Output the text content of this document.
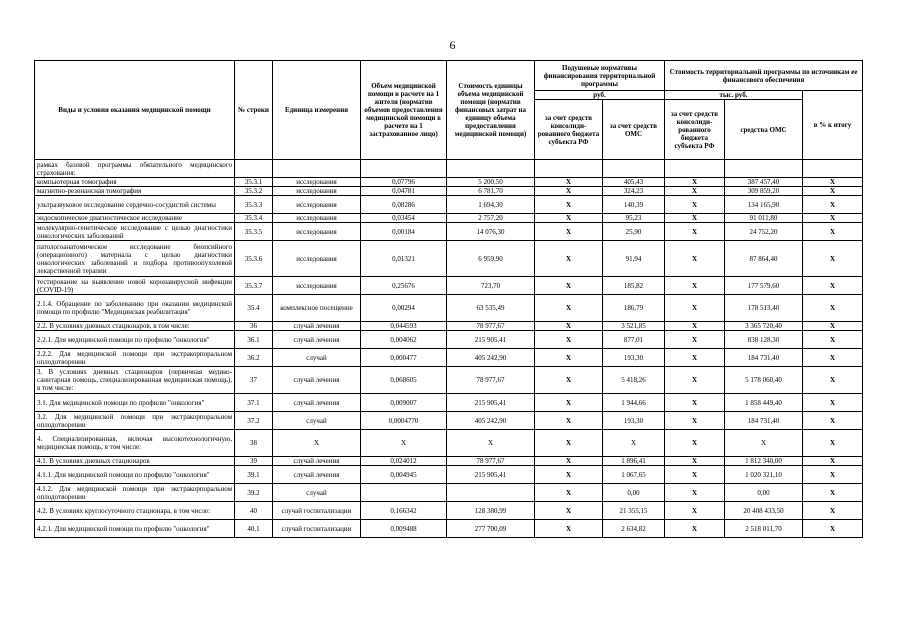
6
Виды и условия оказания медицинской помощи	№ строки	Единица измерения	Объем медицинской помощи в расчете на 1 жителя (норматив объемов предоставления медицинской помощи в расчете на 1 застрахованное лицо)	Стоимость единицы объема медицинской помощи (норматив финансовых затрат на единицу объема предоставления медицинской помощи)	Подушевые нормативы финансирования территориальной программы		Стоимость территориальной программы по источникам ее финансового обеспечения		
					руб.		тыс. руб.		в % к итогу
					за счет средств консолиди-рованного бюджета субъекта РФ	за счет средств ОМС	за счет средств консолиди-рованного бюджета субъекта РФ	средства ОМС	
рамках базовой программы обязательного медицинского страхования:									
компьютерная томография	35.3.1	исследования	0,07796	5 200,50	X	405,43	X	387 457,40	X
магнитно-резонансная томография	35.3.2	исследования	0,04781	6 781,70	X	324,23	X	309 859,20	X
ультразвуковое исследование сердечно-сосудистой системы	35.3.3	исследования	0,08286	1 694,30	X	140,39	X	134 165,90	X
эндоскопическое диагностическое исследование	35.3.4	исследования	0,03454	2 757,20	X	95,23	X	91 011,80	X
молекулярно-генетическое исследование с целью диагностики онкологических заболеваний	35.3.5	исследования	0,00184	14 076,30	X	25,90	X	24 752,20	X
патологоанатомическое исследование биопсийного (операционного) материала с целью диагностики онкологических заболеваний и подбора противоопухолевой лекарственной терапии	35.3.6	исследования	0,01321	6 959,90	X	91,94	X	87 864,40	X
тестирование на выявление новой коронавирусной инфекции (COVID-19)	35.3.7	исследования	0,25676	723,70	X	185,82	X	177 579,60	X
2.1.4. Обращение по заболеванию при оказании медицинской помощи по профилю "Медицинская реабилитация"	35.4	комплексное посещение	0,00294	63 535,49	X	186,79	X	178 513,40	X
2.2. В условиях дневных стационаров, в том числе:	36	случай лечения	0,044593	78 977,67	X	3 521,85	X	3 365 720,40	X
2.2.1. Для медицинской помощи по профилю "онкология"	36.1	случай лечения	0,004062	215 905,41	X	877,01	X	838 128,30	X
2.2.2. Для медицинской помощи при экстракорпоральном оплодотворении	36.2	случай	0,000477	405 242,90	X	193,30	X	184 731,40	X
3. В условиях дневных стационаров (первичная медико-санитарная помощь, специализированная медицинская помощь), в том числе:	37	случай лечения	0,068605	78 977,67	X	5 418,26	X	5 178 060,40	X
3.1. Для медицинской помощи по профилю "онкология"	37.1	случай лечения	0,009007	215 905,41	X	1 944,66	X	1 858 449,40	X
3.2. Для медицинской помощи при экстракорпоральном оплодотворении	37.2	случай	0,0004770	405 242,90	X	193,30	X	184 731,40	X
4. Специализированная, включая высокотехнологичную, медицинская помощь, в том числе:	38	X	X	X	X	X	X	X	X
4.1. В условиях дневных стационаров	39	случай лечения	0,024012	78 977,67	X	1 896,41	X	1 812 340,00	X
4.1.1. Для медицинской помощи по профилю "онкология"	39.1	случай лечения	0,004945	215 905,41	X	1 067,65	X	1 020 321,10	X
4.1.2. Для медицинской помощи при экстракорпоральном оплодотворении	39.2	случай			X	0,00	X	0,00	X
4.2. В условиях круглосуточного стационара, в том числе:	40	случай госпитализации	0,166342	128 380,99	X	21 355,15	X	20 408 433,50	X
4.2.1. Для медицинской помощи по профилю "онкология"	40.1	случай госпитализации	0,009488	277 700,09	X	2 634,82	X	2 518 011,70	X
